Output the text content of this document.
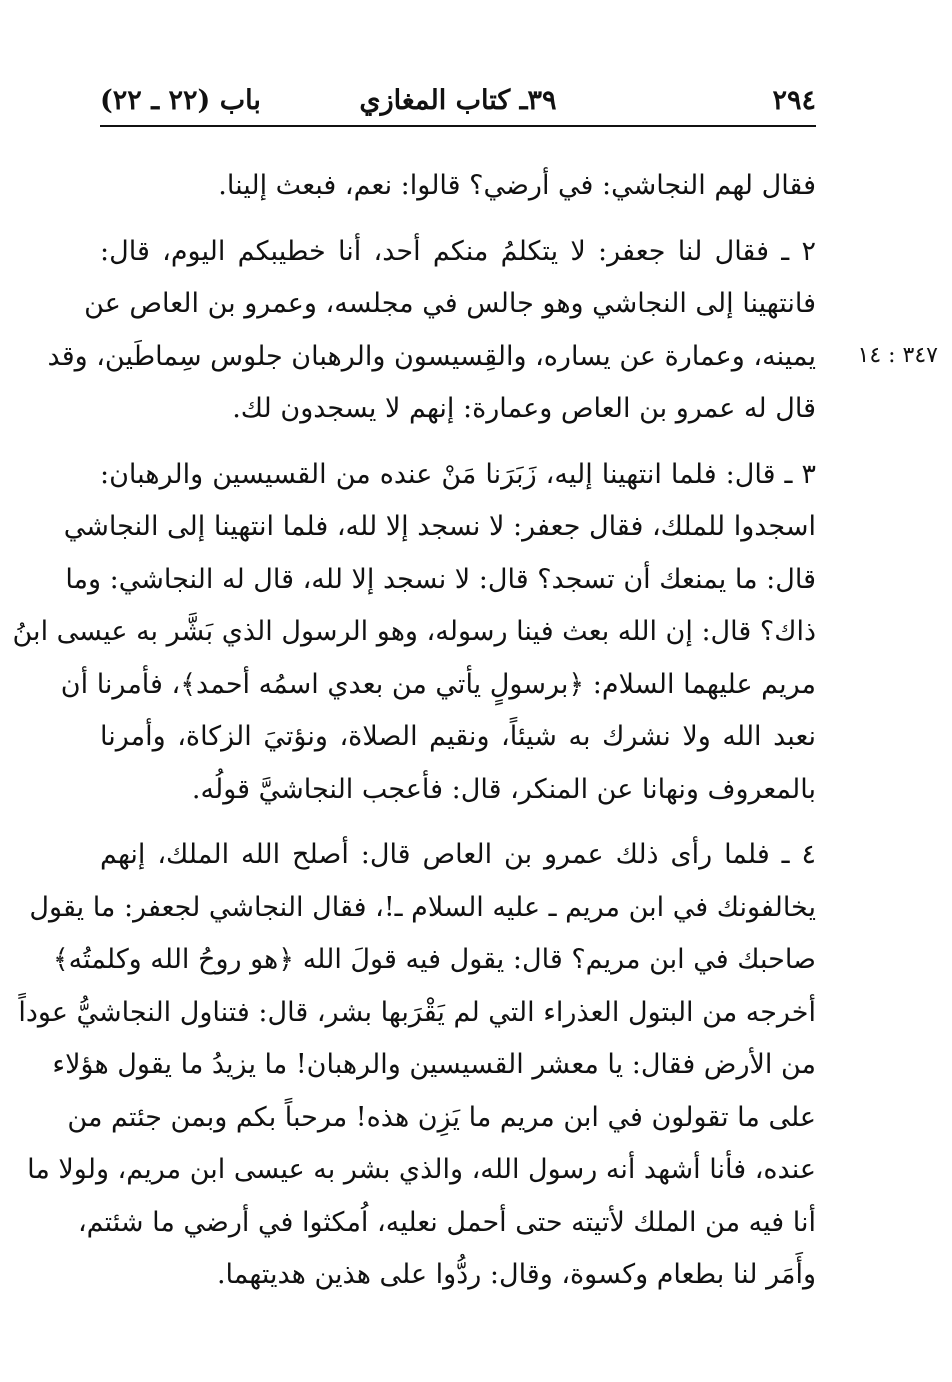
٢٩٤
٣٩ـ كتاب المغازي
باب (٢٢ ـ ٢٢)
٣٤٧ : ١٤
فقال لهم النجاشي: في أرضي؟ قالوا: نعم، فبعث إلينا.
٢ ـ فقال لنا جعفر: لا يتكلمُ منكم أحد، أنا خطيبكم اليوم، قال:
فانتهينا إلى النجاشي وهو جالس في مجلسه، وعمرو بن العاص عن
يمينه، وعمارة عن يساره، والقِسيسون والرهبان جلوس سِماطَين، وقد
قال له عمرو بن العاص وعمارة: إنهم لا يسجدون لك.
٣ ـ قال: فلما انتهينا إليه، زَبَرَنا مَنْ عنده من القسيسين والرهبان:
اسجدوا للملك، فقال جعفر: لا نسجد إلا لله، فلما انتهينا إلى النجاشي
قال: ما يمنعك أن تسجد؟ قال: لا نسجد إلا لله، قال له النجاشي: وما
ذاك؟ قال: إن الله بعث فينا رسوله، وهو الرسول الذي بَشَّر به عيسى ابنُ
مريم عليهما السلام: ﴿برسولٍ يأتي من بعدي اسمُه أحمد﴾، فأمرنا أن
نعبد الله ولا نشرك به شيئاً، ونقيم الصلاة، ونؤتيَ الزكاة، وأمرنا
بالمعروف ونهانا عن المنكر، قال: فأعجب النجاشيَّ قولُه.
٤ ـ فلما رأى ذلك عمرو بن العاص قال: أصلح الله الملك، إنهم
يخالفونك في ابن مريم ـ عليه السلام ـ!، فقال النجاشي لجعفر: ما يقول
صاحبك في ابن مريم؟ قال: يقول فيه قولَ الله ﴿هو روحُ الله وكلمتُه﴾
أخرجه من البتول العذراء التي لم يَقْرَبها بشر، قال: فتناول النجاشيُّ عوداً
من الأرض فقال: يا معشر القسيسين والرهبان! ما يزيدُ ما يقول هؤلاء
على ما تقولون في ابن مريم ما يَزِن هذه! مرحباً بكم وبمن جئتم من
عنده، فأنا أشهد أنه رسول الله، والذي بشر به عيسى ابن مريم، ولولا ما
أنا فيه من الملك لأتيته حتى أحمل نعليه، اُمكثوا في أرضي ما شئتم،
وأَمَر لنا بطعام وكسوة، وقال: ردُّوا على هذين هديتهما.
